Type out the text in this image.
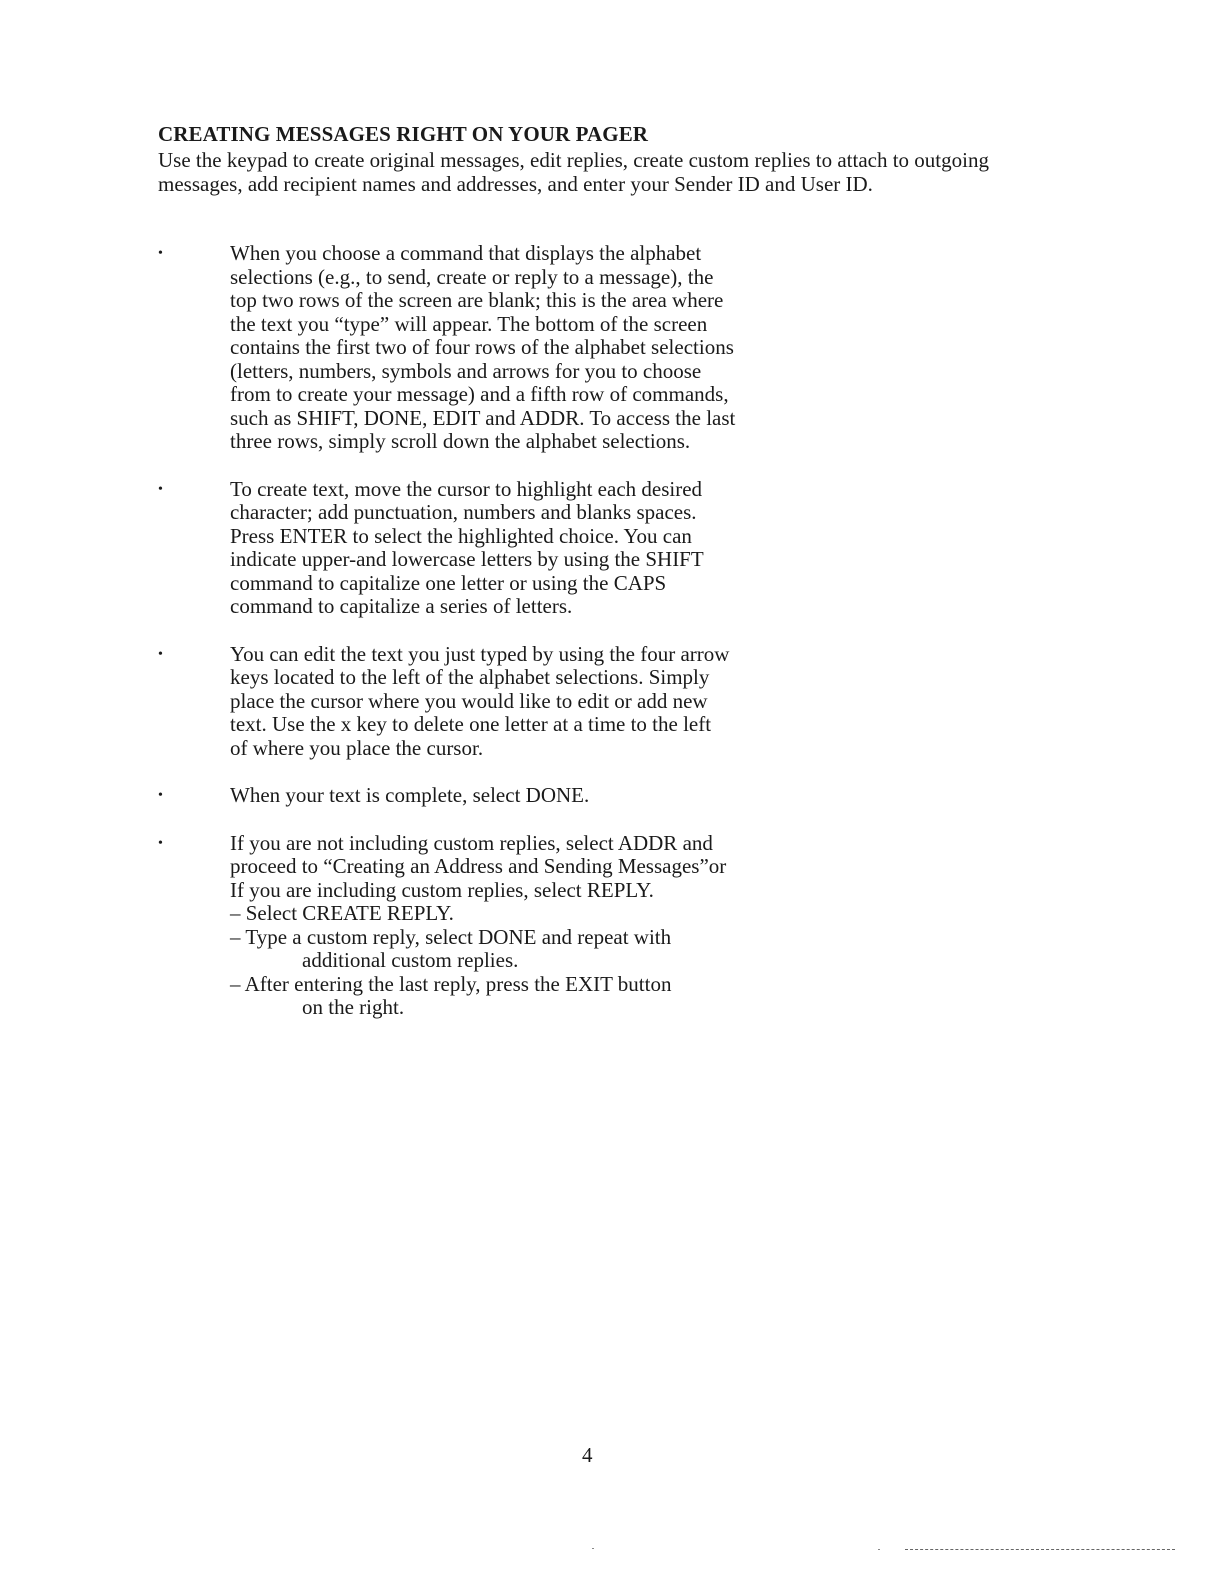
CREATING MESSAGES RIGHT ON YOUR PAGER

Use the keypad to create original messages, edit replies, create custom replies to attach to outgoing messages, add recipient names and addresses, and enter your Sender ID and User ID.

•	When you choose a command that displays the alphabet
selections (e.g., to send, create or reply to a message), the
top two rows of the screen are blank; this is the area where
the text you “type” will appear. The bottom of the screen
contains the first two of four rows of the alphabet selections
(letters, numbers, symbols and arrows for you to choose
from to create your message) and a fifth row of commands,
such as SHIFT, DONE, EDIT and ADDR. To access the last
three rows, simply scroll down the alphabet selections.
•	To create text, move the cursor to highlight each desired
character; add punctuation, numbers and blanks spaces.
Press ENTER to select the highlighted choice. You can
indicate upper-and lowercase letters by using the SHIFT
command to capitalize one letter or using the CAPS
command to capitalize a series of letters.
•	You can edit the text you just typed by using the four arrow
keys located to the left of the alphabet selections. Simply
place the cursor where you would like to edit or add new
text. Use the x key to delete one letter at a time to the left
of where you place the cursor.
•	When your text is complete, select DONE.
•	If you are not including custom replies, select ADDR and
proceed to “Creating an Address and Sending Messages”or
If you are including custom replies, select REPLY.
– Select CREATE REPLY.
– Type a custom reply, select DONE and repeat with
additional custom replies.
– After entering the last reply, press the EXIT button
on the right.
4
